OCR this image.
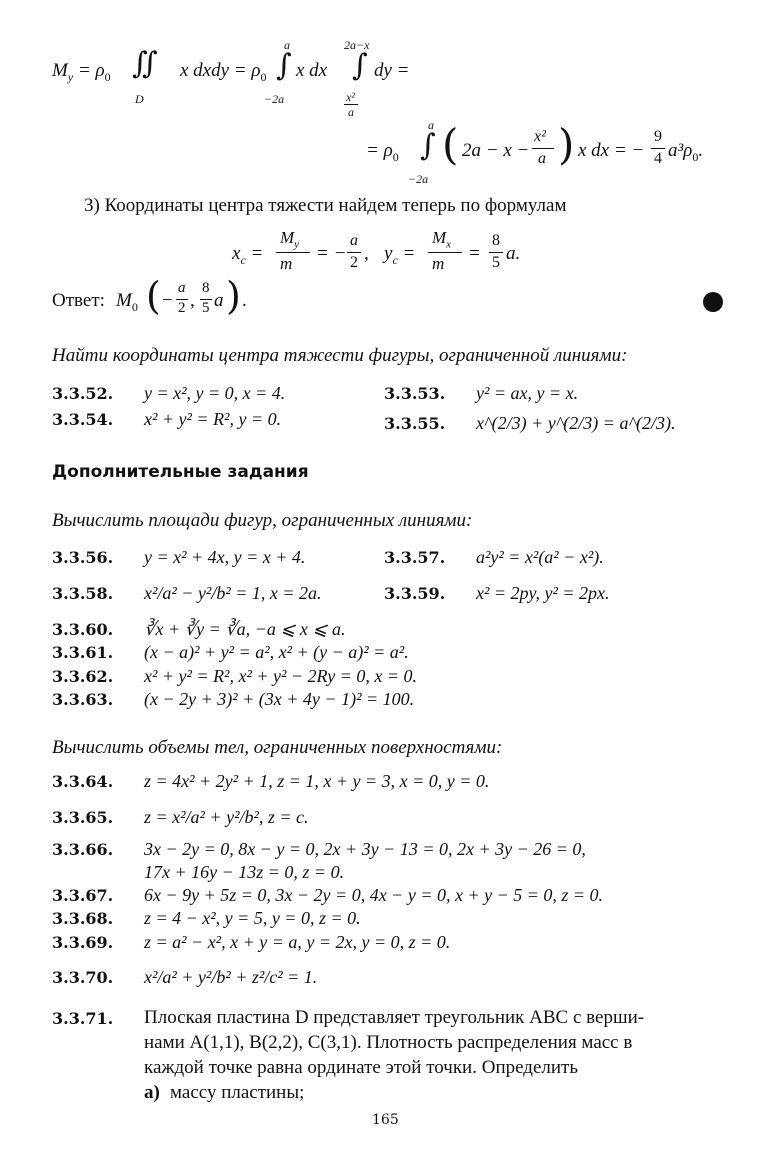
$M_y = \rho_0$ ∬
D
x dxdy = $\rho_0$
a
∫
−2a
x dx
2a−x
∫
x²
a
dy =
= $\rho_0$
a
∫
−2a
( 2a − x −
x²
a ) x dx = −
9
4 $a^3\rho_0$.
3) Координаты центра тяжести найдем теперь по формулам
$x_c$ =
$M_y$
m = −
a
2 , $y_c$ =
$M_x$
m =
8
5 a.
Ответ: $M_0$ ( −
a
2 ,
8
5 a ) .
Найти координаты центра тяжести фигуры, ограниченной линиями:
3.3.52. y = x², y = 0, x = 4.	3.3.53. y² = ax, y = x.
3.3.54. x² + y² = R², y = 0.	3.3.55. x^(2/3) + y^(2/3) = a^(2/3).
Дополнительные задания
Вычислить площади фигур, ограниченных линиями:
3.3.56. y = x² + 4x, y = x + 4.	3.3.57. a²y² = x²(a² − x²).
3.3.58. x²/a² − y²/b² = 1, x = 2a.	3.3.59. x² = 2py, y² = 2px.
3.3.60. ∛x + ∛y = ∛a, −a ⩽ x ⩽ a.
3.3.61. (x − a)² + y² = a², x² + (y − a)² = a².
3.3.62. x² + y² = R², x² + y² − 2Ry = 0, x = 0.
3.3.63. (x − 2y + 3)² + (3x + 4y − 1)² = 100.
Вычислить объемы тел, ограниченных поверхностями:
3.3.64. z = 4x² + 2y² + 1, z = 1, x + y = 3, x = 0, y = 0.
3.3.65. z = x²/a² + y²/b², z = c.
3.3.66. 3x − 2y = 0, 8x − y = 0, 2x + 3y − 13 = 0, 2x + 3y − 26 = 0,
17x + 16y − 13z = 0, z = 0.
3.3.67. 6x − 9y + 5z = 0, 3x − 2y = 0, 4x − y = 0, x + y − 5 = 0, z = 0.
3.3.68. z = 4 − x², y = 5, y = 0, z = 0.
3.3.69. z = a² − x², x + y = a, y = 2x, y = 0, z = 0.
3.3.70. x²/a² + y²/b² + z²/c² = 1.
3.3.71. Плоская пластина D представляет треугольник ABC с верши-
нами A(1,1), B(2,2), C(3,1). Плотность распределения масс в
каждой точке равна ординате этой точки. Определить
а) массу пластины;
165
